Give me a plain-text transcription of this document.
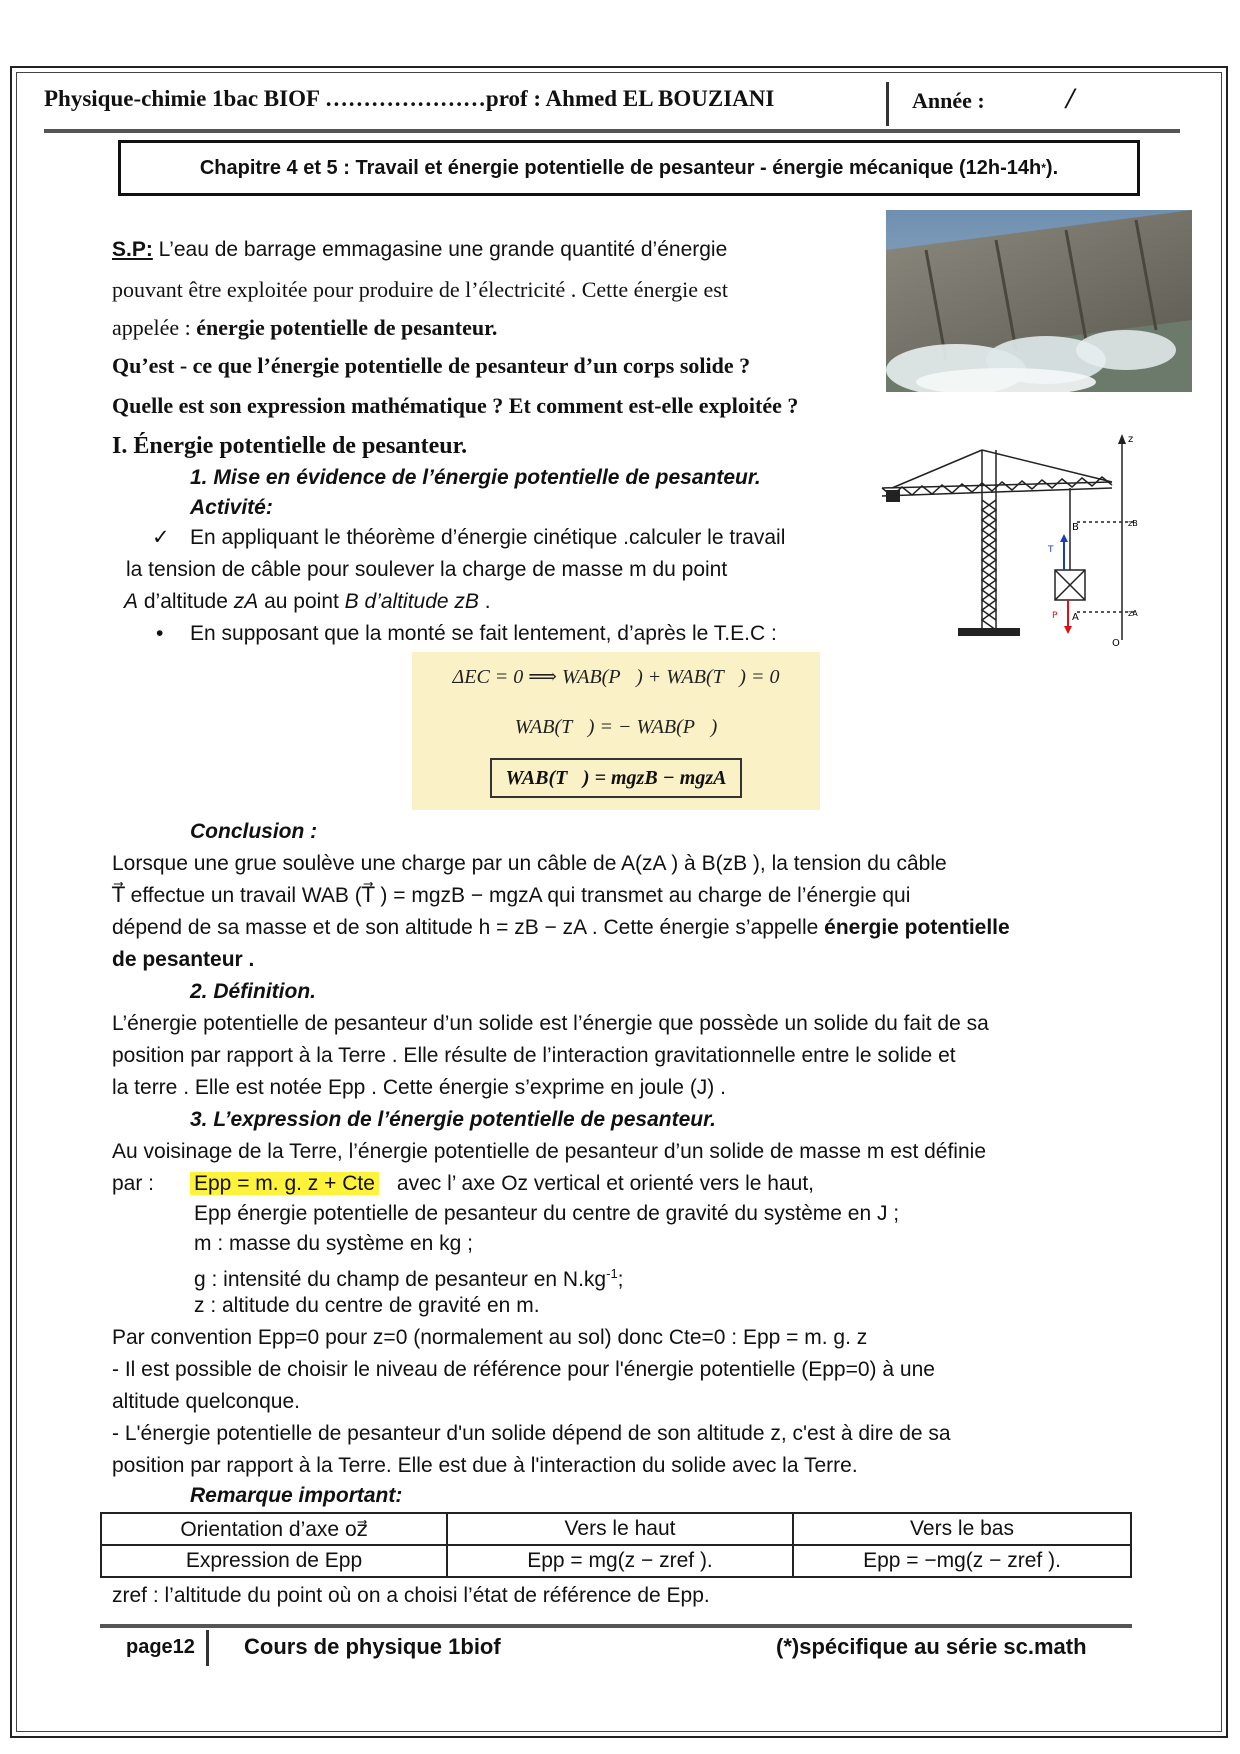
Physique-chimie 1bac BIOF …………………prof : Ahmed EL BOUZIANI	Année :	/
Chapitre 4 et 5 : Travail et énergie potentielle de pesanteur - énergie mécanique (12h-14h * ).
S.P: L’eau de barrage emmagasine une grande quantité d’énergie
pouvant être exploitée pour produire de l’électricité . Cette énergie est
appelée : énergie potentielle de pesanteur.
Qu’est - ce que l’énergie potentielle de pesanteur d’un corps solide ?
Quelle est son expression mathématique ? Et comment est-elle exploitée ?
I. Énergie potentielle de pesanteur.
1. Mise en évidence de l’énergie potentielle de pesanteur.
Activité:
✓ En appliquant le théorème d’énergie cinétique .calculer le travail
la tension de câble pour soulever la charge de masse m du point
A d’altitude zA au point B d’altitude zB .
• En supposant que la monté se fait lentement, d’après le T.E.C :
z
B
A
zB
zA
O
T
P
ΔEC = 0 ⟹ WAB(P⃗) + WAB(T⃗) = 0
WAB(T⃗) = − WAB(P⃗)
WAB(T⃗) = mgzB − mgzA
Conclusion :
Lorsque une grue soulève une charge par un câble de A(zA ) à B(zB ), la tension du câble
T⃗ effectue un travail WAB (T⃗ ) = mgzB − mgzA qui transmet au charge de l’énergie qui
dépend de sa masse et de son altitude h = zB − zA . Cette énergie s’appelle énergie potentielle
de pesanteur .
2. Définition.
L’énergie potentielle de pesanteur d’un solide est l’énergie que possède un solide du fait de sa
position par rapport à la Terre . Elle résulte de l’interaction gravitationnelle entre le solide et
la terre . Elle est notée Epp . Cette énergie s’exprime en joule (J) .
3. L’expression de l’énergie potentielle de pesanteur.
Au voisinage de la Terre, l’énergie potentielle de pesanteur d’un solide de masse m est définie
par : Epp = m. g. z + Cte avec l’ axe Oz vertical et orienté vers le haut,
Epp énergie potentielle de pesanteur du centre de gravité du système en J ;
m : masse du système en kg ;
g : intensité du champ de pesanteur en $N.kg^{-1}$;
z : altitude du centre de gravité en m.
Par convention Epp=0 pour z=0 (normalement au sol) donc Cte=0 : Epp = m. g. z
- Il est possible de choisir le niveau de référence pour l'énergie potentielle (Epp=0) à une
altitude quelconque.
- L'énergie potentielle de pesanteur d'un solide dépend de son altitude z, c'est à dire de sa
position par rapport à la Terre. Elle est due à l'interaction du solide avec la Terre.
Remarque important:
Orientation d’axe oz⃗	Vers le haut	Vers le bas
Expression de Epp	Epp = mg(z − zref ).	Epp = −mg(z − zref ).
zref : l’altitude du point où on a choisi l’état de référence de Epp.
page12 Cours de physique 1biof	(*)spécifique au série sc.math
